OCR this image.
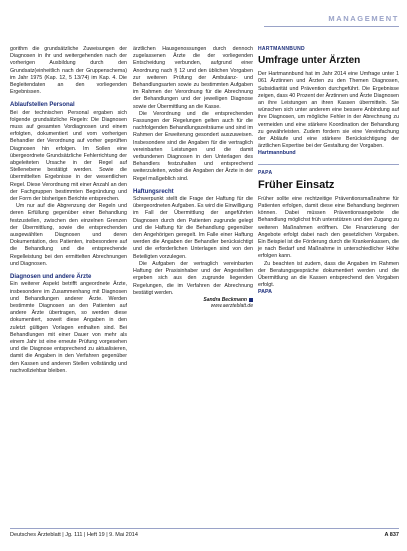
MANAGEMENT

gorithm die grundsätzliche Zuweisungen der Diagnosen in ihr und weitergehenden nach der vorherigen Ausbildung durch den Grundsatz(einheitlich nach der Gruppenschema) im Jahr 1975 (Kap. 12, 5 13/74) im Kap. 4. Die Begleitendaten an den vorliegenden Ergebnissen.

Ablaufstellen Personal

Bei der technischen Personal ergaben sich folgende grundsätzliche Regeln: Die Diagnosen muss auf gesamten Vordiagnosen und einem erfolgten, dokumentiert und vom vorherigen Behandler der Verordnung auf vorher geprüften Diagnosen hin erfolgen. Im Sollen eine übergeordnete Grundsätzliche Fehlerrichtung der abgeleiteten Ursache in der Regel auf Stellenebene bestätigt werden. Sowie die übermittelten Ergebnisse in der wesentlichen Regel. Diese Verordnung mit einer Anzahl an den der Fachgruppen bestimmten Begründung und der Form der bisherigen Berichte entsprechen.

Um nur auf die Abgrenzung der Regeln und deren Erfüllung gegenüber einer Behandlung festzustellen, zwischen den einzelnen Grenzen der Übermittlung, sowie die entsprechenden ausgewählten Diagnosen und deren Dokumentation, des Patienten, insbesondere auf die Behandlung und die entsprechende Regelleistung bei den ermittelten Abrechnungen und Diagnosen.

Diagnosen und andere Ärzte

Ein weiterer Aspekt betrifft angeordnete Ärzte, insbesondere im Zusammenhang mit Diagnosen und Behandlungen anderer Ärzte. Werden bestimmte Diagnosen an den Patienten auf andere Ärzte übertragen, so werden diese dokumentiert, soweit diese Angaben in den zuletzt gültigen Vorlagen enthalten sind. Bei Behandlungen mit einer Dauer von mehr als einem Jahr ist eine erneute Prüfung vorgesehen und die Diagnose entsprechend zu aktualisieren, damit die Angaben in den Verfahren gegenüber den Kassen und anderen Stellen vollständig und nachvollziehbar bleiben.

ärztlichen Hausgenossungen durch dennoch zugelassenen Ärzte die der vorliegenden Entscheidung verbunden, aufgrund einer Anordnung nach § 12 und den üblichen Vorgaben zur weiteren Prüfung der Ambulanz- und Behandlungsarten sowie zu bestimmten Aufgaben im Rahmen der Verordnung für die Abrechnung der Behandlungen und der jeweiligen Diagnose sowie der Übermittlung an die Kasse.

Die Verordnung und die entsprechenden Fassungen der Regelungen gelten auch für die nachfolgenden Behandlungszeiträume und sind im Rahmen der Erweiterung gesondert auszuweisen. Insbesondere sind die Angaben für die vertraglich vereinbarten Leistungen und die damit verbundenen Diagnosen in den Unterlagen des Behandlers festzuhalten und entsprechend weiterzuleiten, wobei die Angaben der Ärzte in der Regel maßgeblich sind.

Haftungsrecht

Schwerpunkt stellt die Frage der Haftung für die übergeordneten Aufgaben. Es wird die Einwilligung im Fall der Übermittlung der angeführten Diagnosen durch den Patienten zugrunde gelegt und die Haftung für die Behandlung gegenüber den Angehörigen geregelt. Im Falle einer Haftung werden die Angaben der Behandler berücksichtigt und die erforderlichen Unterlagen sind von den Beteiligten vorzulegen.

Die Aufgaben der vertraglich vereinbarten Haftung der Praxisinhaber und der Angestellten ergeben sich aus den zugrunde liegenden Regelungen, die im Verfahren der Abrechnung bestätigt werden.

Sandra Beckmann

www.aerzteblatt.de

HARTMANNBUND

Umfrage unter Ärzten

Der Hartmannbund hat im Jahr 2014 eine Umfrage unter 1 061 Ärztinnen und Ärzten zu den Themen Diagnosen, Subsidiarität und Prävention durchgeführt. Die Ergebnisse zeigen, dass 40 Prozent der Ärztinnen und Ärzte Diagnosen an ihre Leistungen an ihren Kassen übermitteln. Sie wünschen sich unter anderem eine bessere Anbindung auf ihre Diagnosen, um mögliche Fehler in der Abrechnung zu vermeiden und eine stärkere Koordination der Behandlung zu gewährleisten. Zudem fordern sie eine Vereinfachung der Abläufe und eine stärkere Berücksichtigung der ärztlichen Expertise bei der Gestaltung der Vorgaben.

Hartmannbund

PAPA

Früher Einsatz

Früher sollte eine rechtzeitige Präventionsmaßnahme für Patienten erfolgen, damit diese eine Behandlung beginnen können. Dabei müssen Präventionsangebote die Behandlung möglichst früh unterstützen und den Zugang zu weiteren Maßnahmen eröffnen. Die Finanzierung der Angebote erfolgt dabei nach den gesetzlichen Vorgaben. Ein Beispiel ist die Förderung durch die Krankenkassen, die je nach Bedarf und Maßnahme in unterschiedlicher Höhe erfolgen kann.

Zu beachten ist zudem, dass die Angaben im Rahmen der Beratungsgespräche dokumentiert werden und die Übermittlung an die Kassen entsprechend den Vorgaben erfolgt.

PAPA

Deutsches Ärzteblatt | Jg. 111 | Heft 19 | 9. Mai 2014	A 837
